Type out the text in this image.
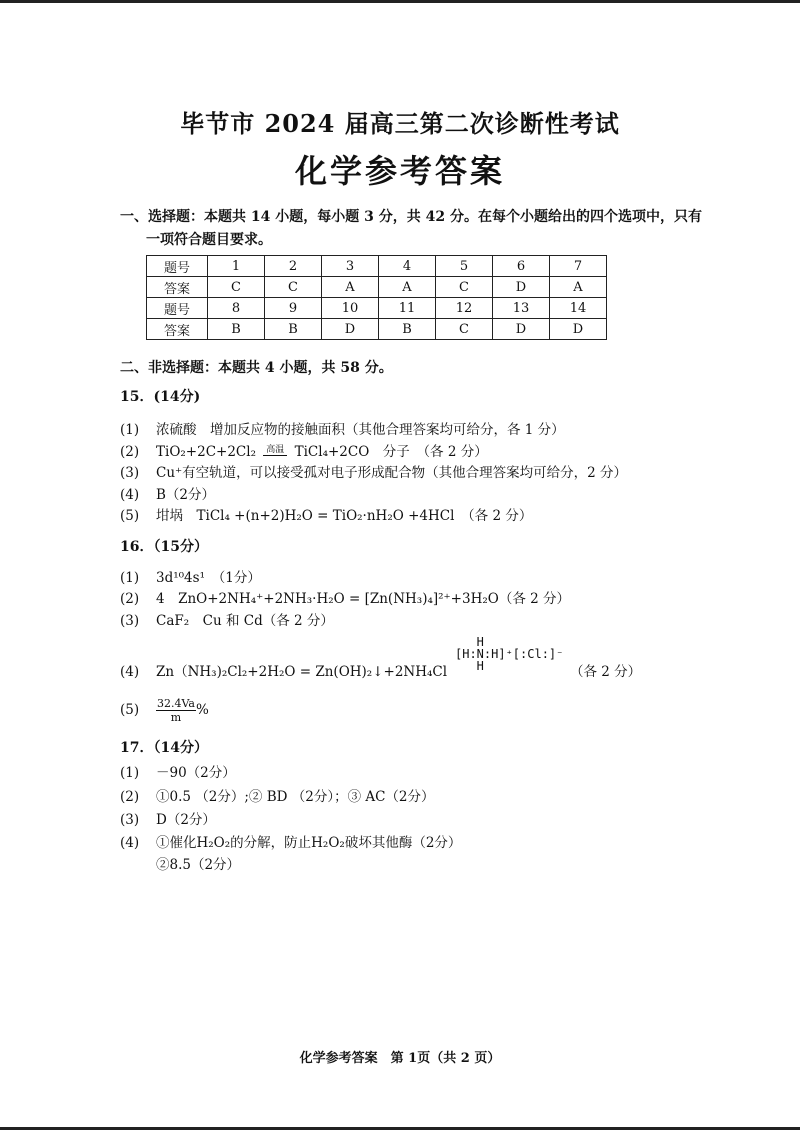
毕节市 2024 届高三第二次诊断性考试
化学参考答案
一、选择题：本题共 14 小题，每小题 3 分，共 42 分。在每个小题给出的四个选项中，只有
一项符合题目要求。
题号	1	2	3	4	5	6	7
答案	C	C	A	A	C	D	A
题号	8	9	10	11	12	13	14
答案	B	B	D	B	C	D	D
二、非选择题：本题共 4 小题，共 58 分。
15．(14分)
(1) 浓硫酸　增加反应物的接触面积（其他合理答案均可给分，各 1 分）
(2) TiO₂+2C+2Cl₂ 高温 TiCl₄+2CO　分子　（各 2 分）
(3) Cu⁺有空轨道，可以接受孤对电子形成配合物（其他合理答案均可给分，2 分）
(4) B（2分）
(5) 坩埚　TiCl₄ +(n+2)H₂O = TiO₂·nH₂O +4HCl　（各 2 分）
16．（15分）
(1) 3d¹⁰4s¹　（1分）
(2) 4　ZnO+2NH₄⁺+2NH₃·H₂O = [Zn(NH₃)₄]²⁺+3H₂O（各 2 分）
(3) CaF₂　Cu 和 Cd（各 2 分）
H
[H:N:H]⁺[:Cl:]⁻
H
(4) Zn（NH₃)₂Cl₂+2H₂O = Zn(OH)₂↓+2NH₄Cl	（各 2 分）
$(5) \frac{32.4Va}{m}$ %
17．（14分）
(1) －90（2分）
(2) ①0.5 （2分）;② BD （2分）；③ AC（2分）
(3) D（2分）
(4) ①催化H₂O₂的分解，防止H₂O₂破坏其他酶（2分）
②8.5（2分）
化学参考答案　第 1页（共 2 页）
